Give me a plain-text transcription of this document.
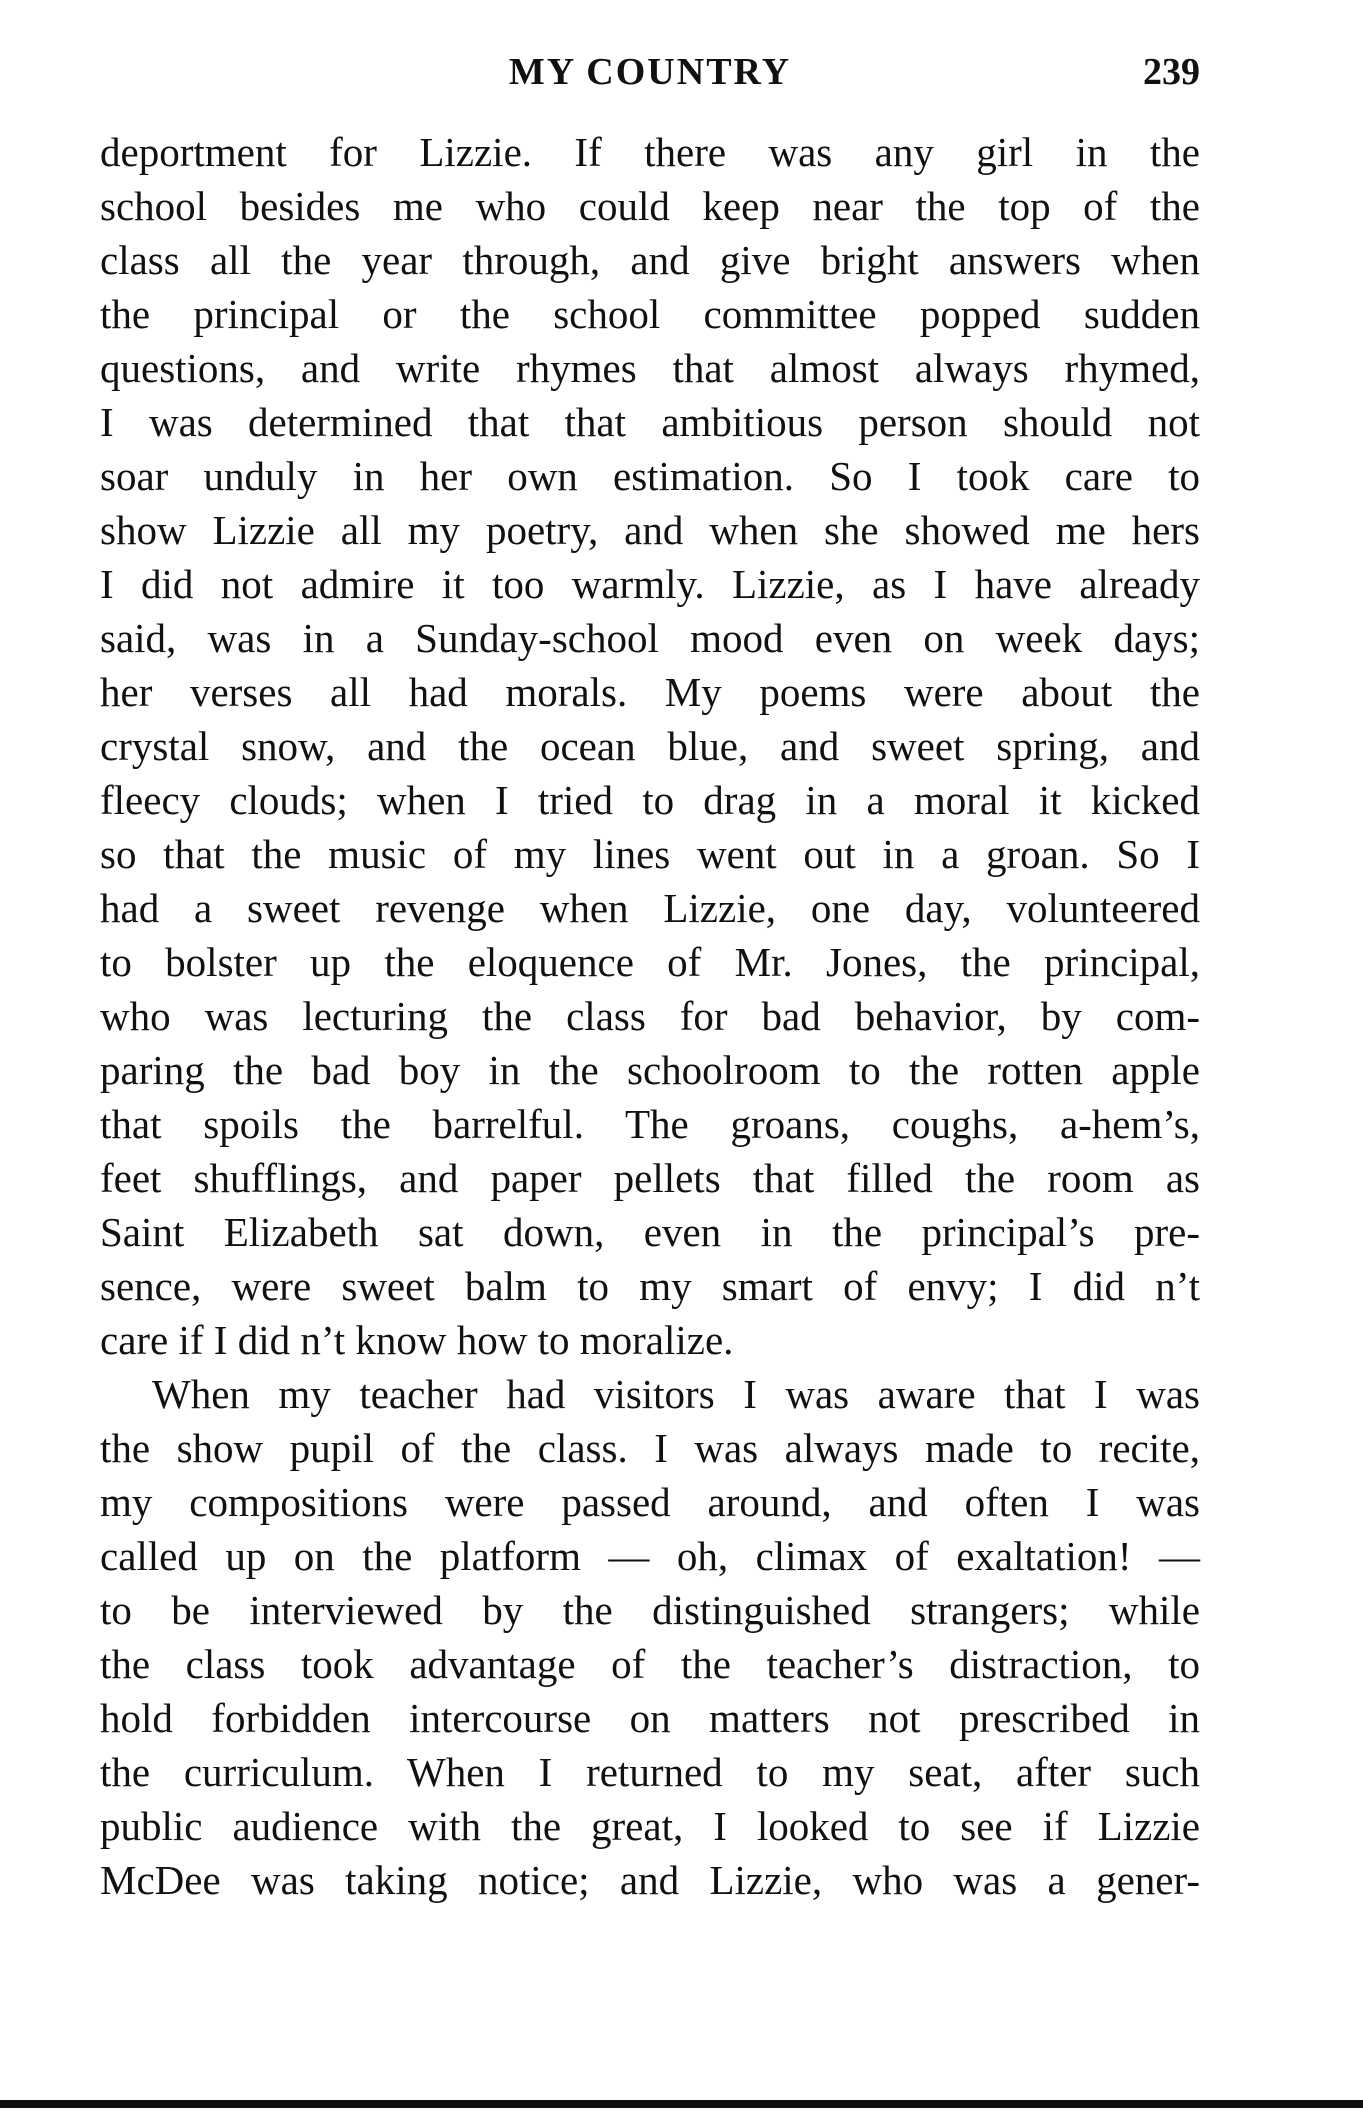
MY COUNTRY	239
deportment for Lizzie. If there was any girl in the
school besides me who could keep near the top of the
class all the year through, and give bright answers when
the principal or the school committee popped sudden
questions, and write rhymes that almost always rhymed,
I was determined that that ambitious person should not
soar unduly in her own estimation. So I took care to
show Lizzie all my poetry, and when she showed me hers
I did not admire it too warmly. Lizzie, as I have already
said, was in a Sunday-school mood even on week days;
her verses all had morals. My poems were about the
crystal snow, and the ocean blue, and sweet spring, and
fleecy clouds; when I tried to drag in a moral it kicked
so that the music of my lines went out in a groan. So I
had a sweet revenge when Lizzie, one day, volunteered
to bolster up the eloquence of Mr. Jones, the principal,
who was lecturing the class for bad behavior, by com-
paring the bad boy in the schoolroom to the rotten apple
that spoils the barrelful. The groans, coughs, a-hem’s,
feet shufflings, and paper pellets that filled the room as
Saint Elizabeth sat down, even in the principal’s pre-
sence, were sweet balm to my smart of envy; I did n’t
care if I did n’t know how to moralize.
When my teacher had visitors I was aware that I was
the show pupil of the class. I was always made to recite,
my compositions were passed around, and often I was
called up on the platform — oh, climax of exaltation! —
to be interviewed by the distinguished strangers; while
the class took advantage of the teacher’s distraction, to
hold forbidden intercourse on matters not prescribed in
the curriculum. When I returned to my seat, after such
public audience with the great, I looked to see if Lizzie
McDee was taking notice; and Lizzie, who was a gener-
